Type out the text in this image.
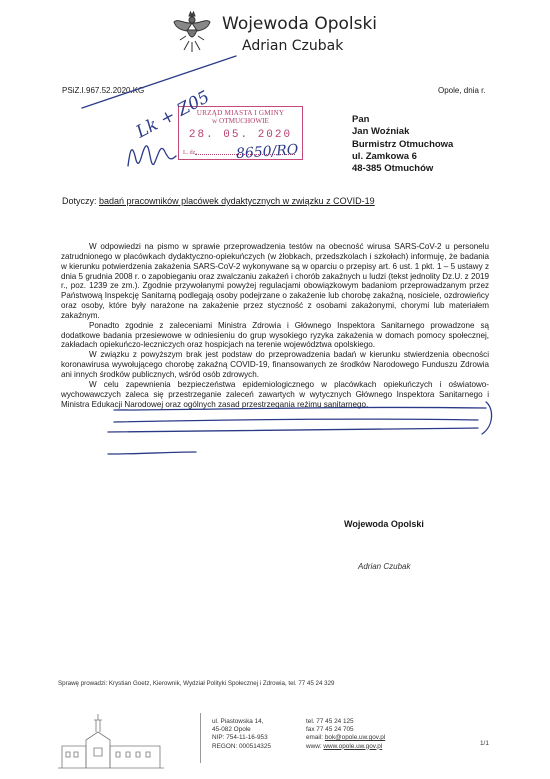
Wojewoda Opolski
Adrian Czubak
PSiZ.I.967.52.2020.KG	Opole, dnia r.
URZĄD MIASTA I GMINY
w OTMUCHOWIE
28. 05. 2020
L. dz.	8650/RO
Pan
Jan Woźniak
Burmistrz Otmuchowa
ul. Zamkowa 6
48-385 Otmuchów
Dotyczy: badań pracowników placówek dydaktycznych w związku z COVID-19

W odpowiedzi na pismo w sprawie przeprowadzenia testów na obecność wirusa SARS-CoV-2 u personelu zatrudnionego w placówkach dydaktyczno-opiekuńczych (w żłobkach, przedszkolach i szkołach) informuję, że badania w kierunku potwierdzenia zakażenia SARS-CoV-2 wykonywane są w oparciu o przepisy art. 6 ust. 1 pkt. 1 – 5 ustawy z dnia 5 grudnia 2008 r. o zapobieganiu oraz zwalczaniu zakażeń i chorób zakaźnych u ludzi (tekst jednolity Dz.U. z 2019 r., poz. 1239 ze zm.). Zgodnie przywołanymi powyżej regulacjami obowiązkowym badaniom przeprowadzanym przez Państwową Inspekcję Sanitarną podlegają osoby podejrzane o zakażenie lub chorobę zakaźną, nosiciele, ozdrowieńcy oraz osoby, które były narażone na zakażenie przez styczność z osobami zakażonymi, chorymi lub materiałem zakaźnym.

Ponadto zgodnie z zaleceniami Ministra Zdrowia i Głównego Inspektora Sanitarnego prowadzone są dodatkowe badania przesiewowe w odniesieniu do grup wysokiego ryzyka zakażenia w domach pomocy społecznej, zakładach opiekuńczo-leczniczych oraz hospicjach na terenie województwa opolskiego.

W związku z powyższym brak jest podstaw do przeprowadzenia badań w kierunku stwierdzenia obecności koronawirusa wywołującego chorobę zakaźną COVID-19, finansowanych ze środków Narodowego Funduszu Zdrowia ani innych środków publicznych, wśród osób zdrowych.

W celu zapewnienia bezpieczeństwa epidemiologicznego w placówkach opiekuńczych i oświatowo-wychowawczych zaleca się przestrzeganie zaleceń zawartych w wytycznych Głównego Inspektora Sanitarnego i Ministra Edukacji Narodowej oraz ogólnych zasad przestrzegania reżimu sanitarnego.

Wojewoda Opolski
Adrian Czubak
Sprawę prowadzi: Krystian Goetz, Kierownik, Wydział Polityki Społecznej i Zdrowia, tel. 77 45 24 329
ul. Piastowska 14,
45-082 Opole
NIP: 754-11-16-953
REGON: 000514325
tel. 77 45 24 125
fax 77 45 24 705
email: bok@opole.uw.gov.pl
www: www.opole.uw.gov.pl	1/1
Lk + Z05
